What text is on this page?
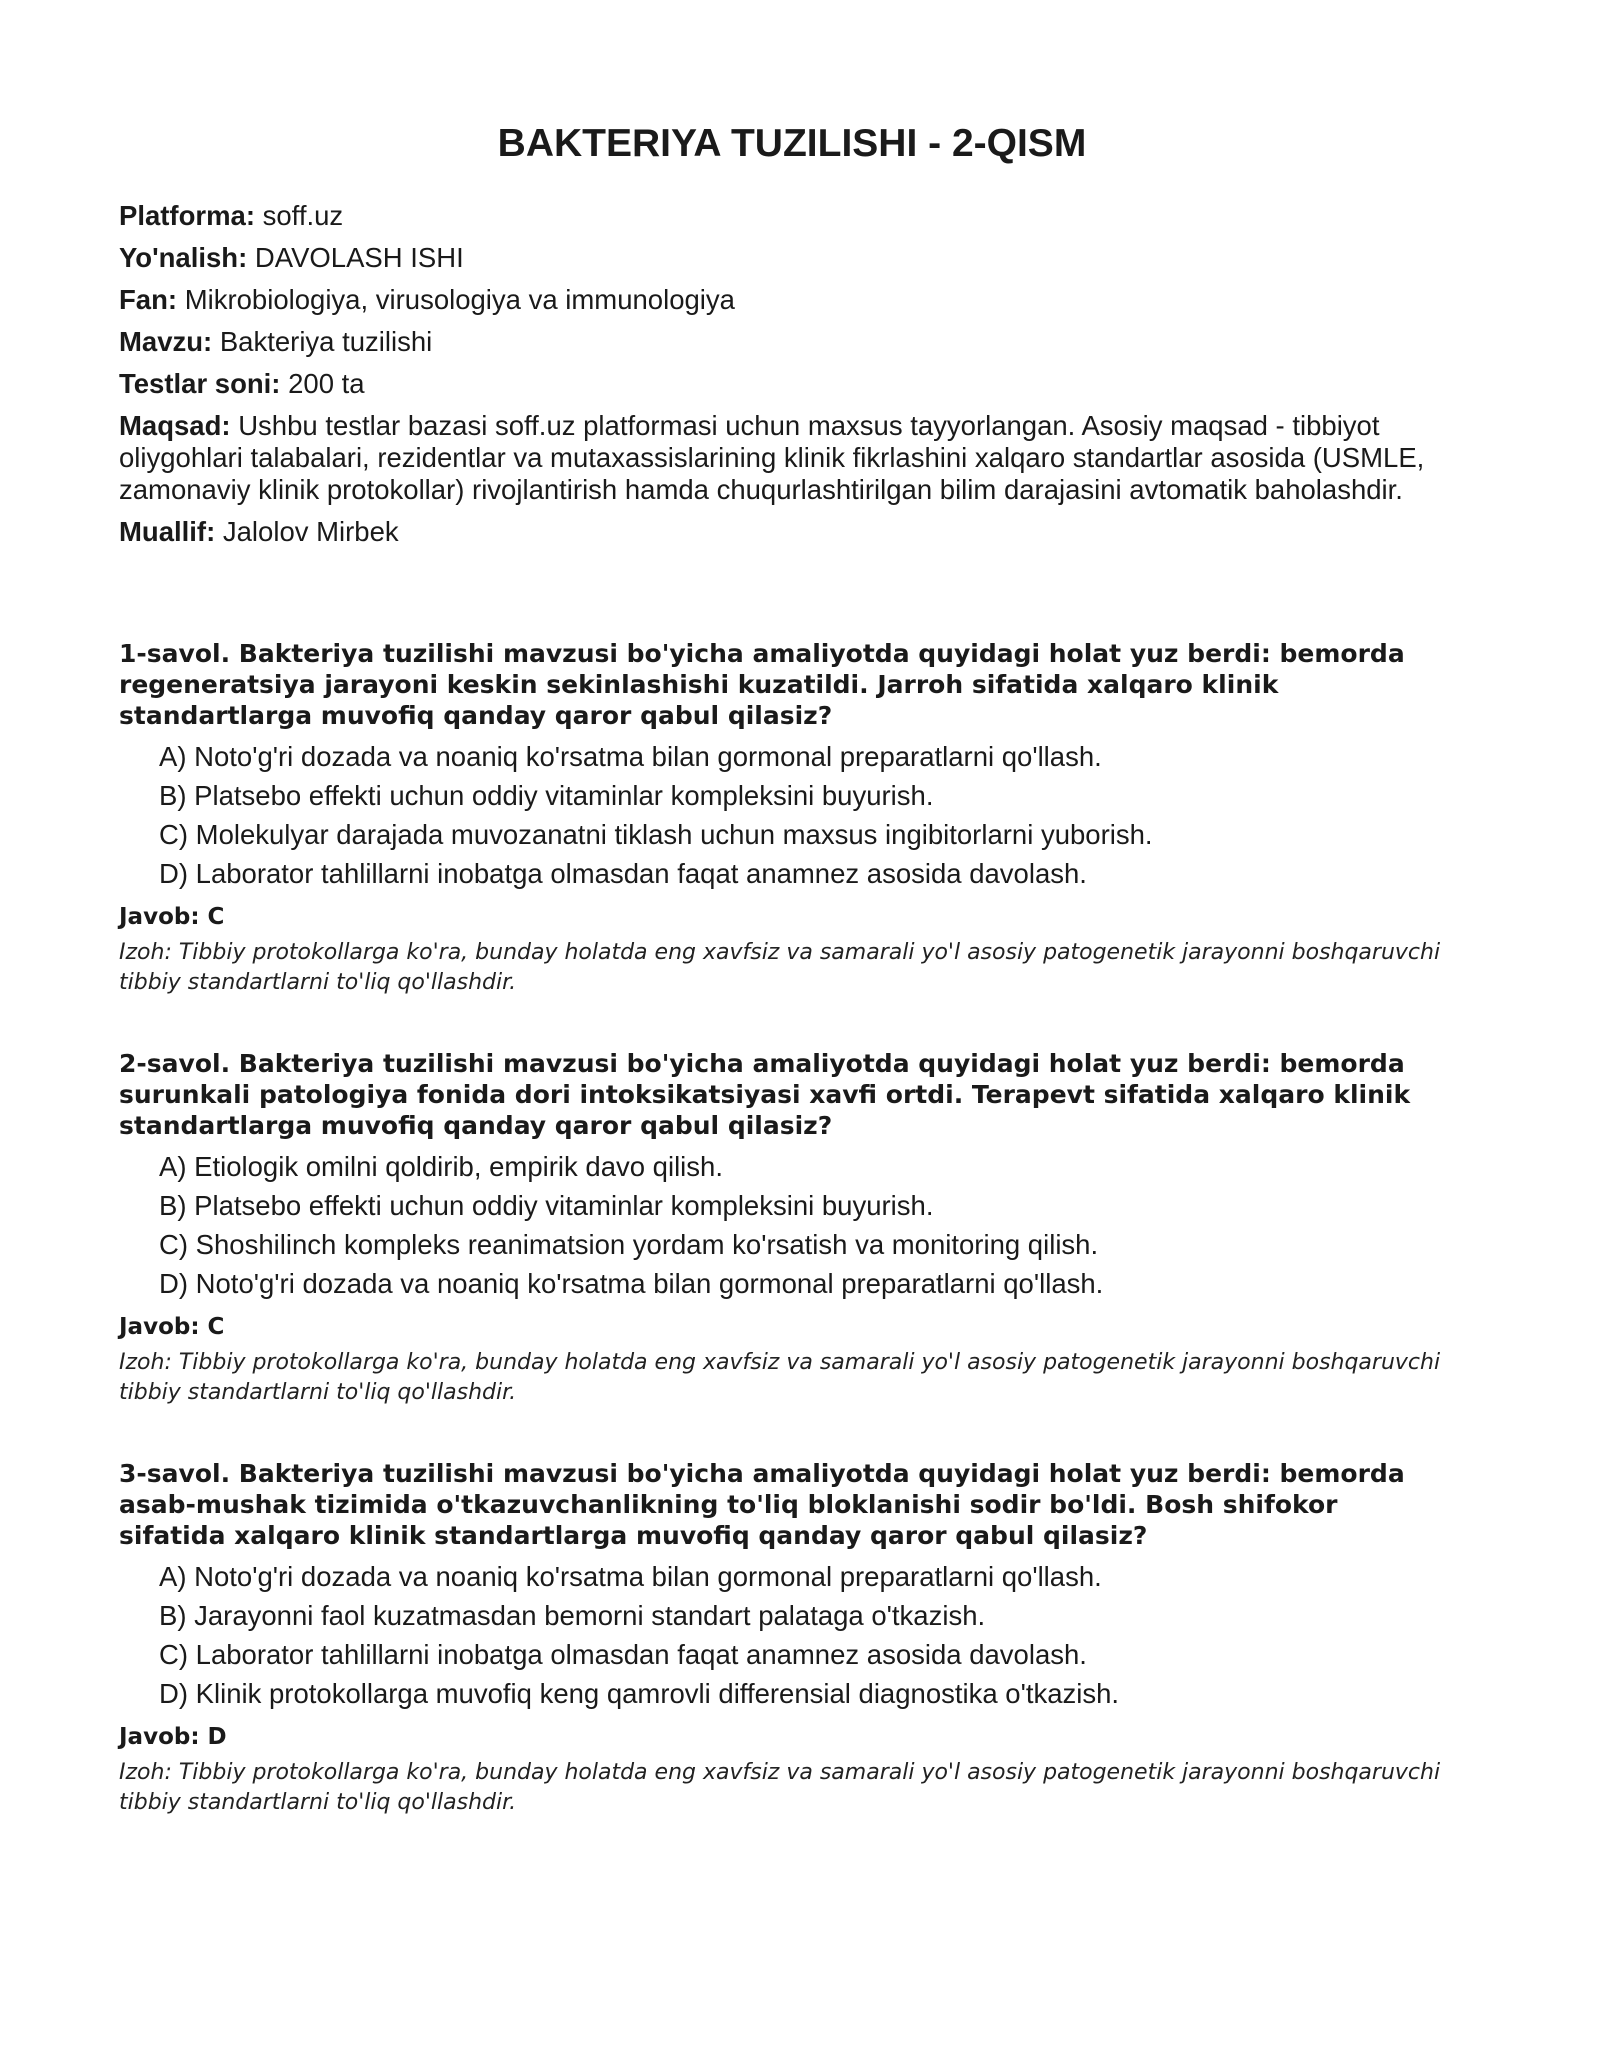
BAKTERIYA TUZILISHI - 2-QISM

Platforma: soff.uz

Yo'nalish: DAVOLASH ISHI

Fan: Mikrobiologiya, virusologiya va immunologiya

Mavzu: Bakteriya tuzilishi

Testlar soni: 200 ta

Maqsad: Ushbu testlar bazasi soff.uz platformasi uchun maxsus tayyorlangan. Asosiy maqsad - tibbiyot oliygohlari talabalari, rezidentlar va mutaxassislarining klinik fikrlashini xalqaro standartlar asosida (USMLE, zamonaviy klinik protokollar) rivojlantirish hamda chuqurlashtirilgan bilim darajasini avtomatik baholashdir.

Muallif: Jalolov Mirbek

1-savol. Bakteriya tuzilishi mavzusi bo'yicha amaliyotda quyidagi holat yuz berdi: bemorda regeneratsiya jarayoni keskin sekinlashishi kuzatildi. Jarroh sifatida xalqaro klinik standartlarga muvofiq qanday qaror qabul qilasiz?

A) Noto'g'ri dozada va noaniq ko'rsatma bilan gormonal preparatlarni qo'llash.
B) Platsebo effekti uchun oddiy vitaminlar kompleksini buyurish.
C) Molekulyar darajada muvozanatni tiklash uchun maxsus ingibitorlarni yuborish.
D) Laborator tahlillarni inobatga olmasdan faqat anamnez asosida davolash.

Javob: C

Izoh: Tibbiy protokollarga ko'ra, bunday holatda eng xavfsiz va samarali yo'l asosiy patogenetik jarayonni boshqaruvchi tibbiy standartlarni to'liq qo'llashdir.

2-savol. Bakteriya tuzilishi mavzusi bo'yicha amaliyotda quyidagi holat yuz berdi: bemorda surunkali patologiya fonida dori intoksikatsiyasi xavfi ortdi. Terapevt sifatida xalqaro klinik standartlarga muvofiq qanday qaror qabul qilasiz?

A) Etiologik omilni qoldirib, empirik davo qilish.
B) Platsebo effekti uchun oddiy vitaminlar kompleksini buyurish.
C) Shoshilinch kompleks reanimatsion yordam ko'rsatish va monitoring qilish.
D) Noto'g'ri dozada va noaniq ko'rsatma bilan gormonal preparatlarni qo'llash.

Javob: C

Izoh: Tibbiy protokollarga ko'ra, bunday holatda eng xavfsiz va samarali yo'l asosiy patogenetik jarayonni boshqaruvchi tibbiy standartlarni to'liq qo'llashdir.

3-savol. Bakteriya tuzilishi mavzusi bo'yicha amaliyotda quyidagi holat yuz berdi: bemorda asab-mushak tizimida o'tkazuvchanlikning to'liq bloklanishi sodir bo'ldi. Bosh shifokor sifatida xalqaro klinik standartlarga muvofiq qanday qaror qabul qilasiz?

A) Noto'g'ri dozada va noaniq ko'rsatma bilan gormonal preparatlarni qo'llash.
B) Jarayonni faol kuzatmasdan bemorni standart palataga o'tkazish.
C) Laborator tahlillarni inobatga olmasdan faqat anamnez asosida davolash.
D) Klinik protokollarga muvofiq keng qamrovli differensial diagnostika o'tkazish.

Javob: D

Izoh: Tibbiy protokollarga ko'ra, bunday holatda eng xavfsiz va samarali yo'l asosiy patogenetik jarayonni boshqaruvchi tibbiy standartlarni to'liq qo'llashdir.
